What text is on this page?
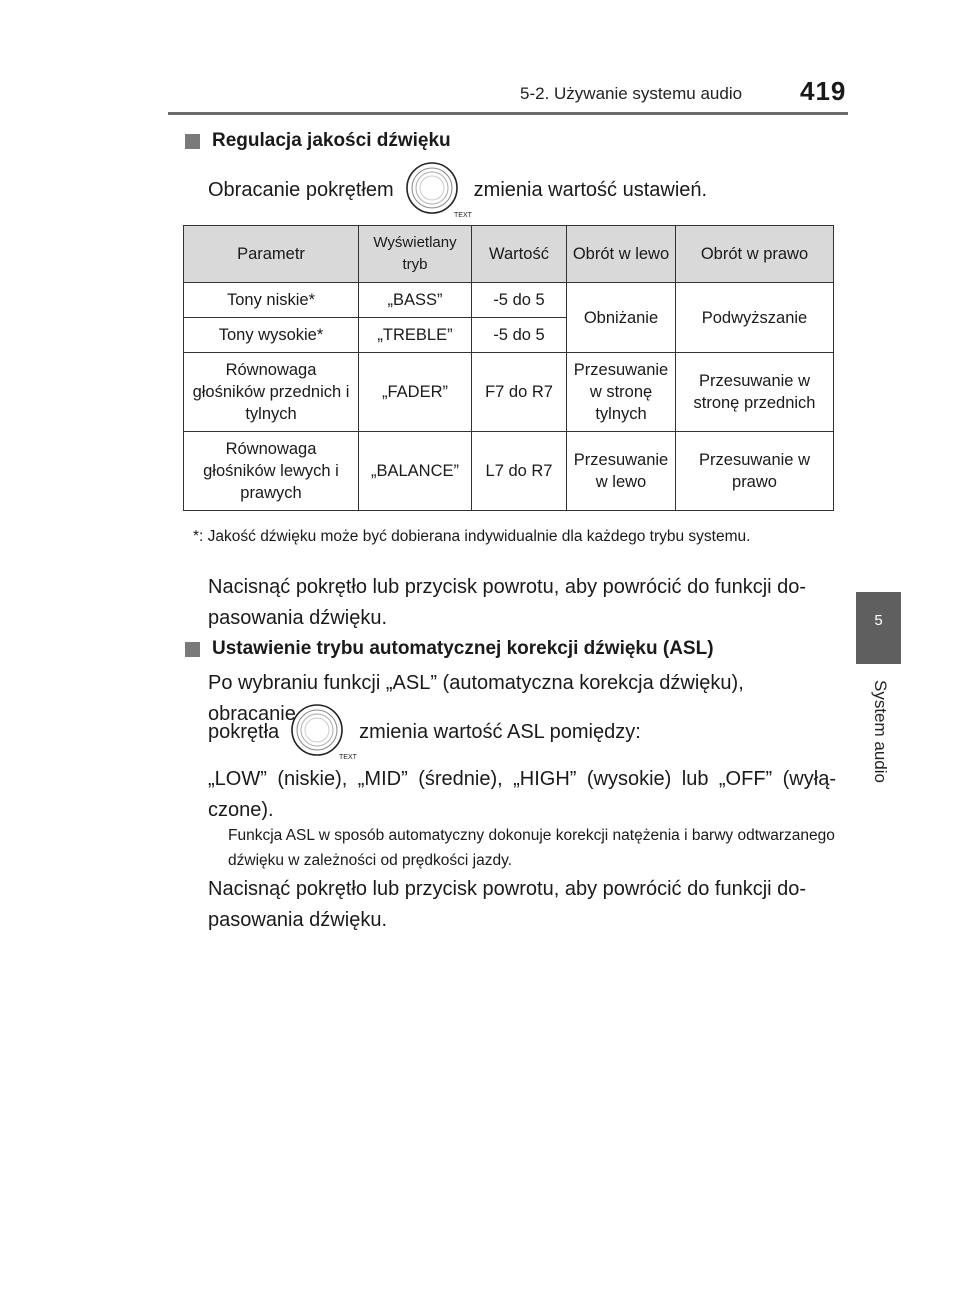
5-2. Używanie systemu audio 419
5
System audio
Regulacja jakości dźwięku
Obracanie pokrętłem
TEXT
zmienia wartość ustawień.
Parametr	Wyświetlany tryb	Wartość	Obrót w lewo	Obrót w prawo
Tony niskie*	„BASS”	-5 do 5	Obniżanie	Podwyższanie
Tony wysokie*	„TREBLE”	-5 do 5		
Równowaga głośników przednich i tylnych	„FADER”	F7 do R7	Przesuwanie w stronę tylnych	Przesuwanie w stronę przednich
Równowaga głośników lewych i prawych	„BALANCE”	L7 do R7	Przesuwanie w lewo	Przesuwanie w prawo
*: Jakość dźwięku może być dobierana indywidualnie dla każdego trybu systemu.
Nacisnąć pokrętło lub przycisk powrotu, aby powrócić do funkcji dopasowania dźwięku.
Ustawienie trybu automatycznej korekcji dźwięku (ASL)
Po wybraniu funkcji „ASL” (automatyczna korekcja dźwięku), obracanie
pokrętła
TEXT
zmienia wartość ASL pomiędzy:
„LOW” (niskie), „MID” (średnie), „HIGH” (wysokie) lub „OFF” (wyłączone).
Funkcja ASL w sposób automatyczny dokonuje korekcji natężenia i barwy odtwarzanego dźwięku w zależności od prędkości jazdy.
Nacisnąć pokrętło lub przycisk powrotu, aby powrócić do funkcji dopasowania dźwięku.
